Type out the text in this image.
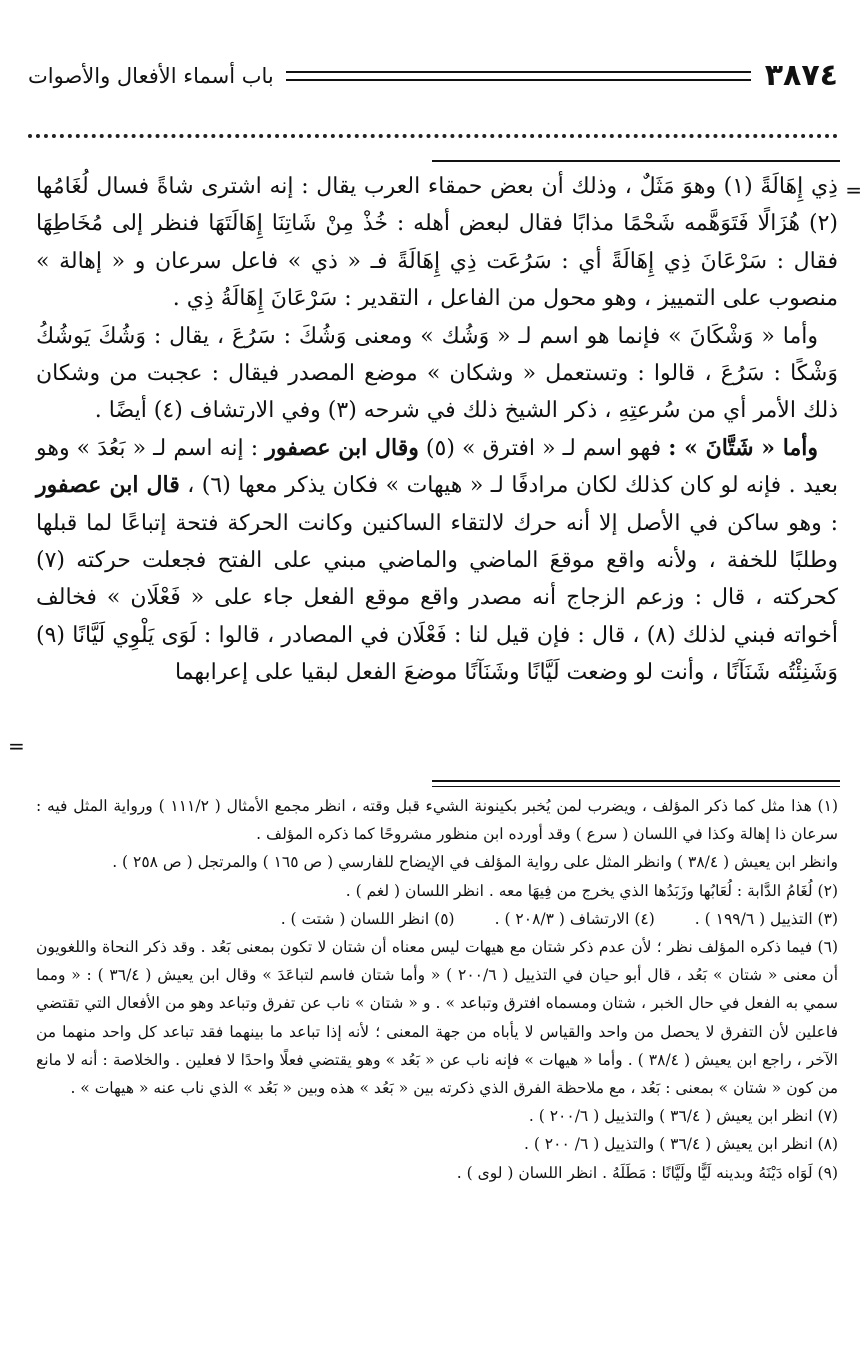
٣٨٧٤
باب أسماء الأفعال والأصوات
=

ذِي إِهَالَةً (١) وهوَ مَثَلٌ ، وذلك أن بعض حمقاء العرب يقال : إنه اشترى شاةً فسال لُغَامُها (٢) هُزَالًا فَتَوَهَّمه شَحْمًا مذابًا فقال لبعض أهله : خُذْ مِنْ شَاتِنَا إِهَالَتَهَا فنظر إلى مُخَاطِهَا فقال : سَرْعَانَ ذِي إِهَالَةً أي : سَرُعَت ذِي إِهَالَةً فـ « ذي » فاعل سرعان و « إهالة » منصوب على التمييز ، وهو محول من الفاعل ، التقدير : سَرْعَانَ إِهَالَةُ ذِي .

وأما « وَشْكَانَ » فإنما هو اسم لـ « وَشُك » ومعنى وَشُكَ : سَرُعَ ، يقال : وَشُكَ يَوشُكُ وَشْكًا : سَرُعَ ، قالوا : وتستعمل « وشكان » موضع المصدر فيقال : عجبت من وشكان ذلك الأمر أي من سُرعتِهِ ، ذكر الشيخ ذلك في شرحه (٣) وفي الارتشاف (٤) أيضًا .

وأما « شَتَّانَ » : فهو اسم لـ « افترق » (٥) وقال ابن عصفور : إنه اسم لـ « بَعُدَ » وهو بعيد . فإنه لو كان كذلك لكان مرادفًا لـ « هيهات » فكان يذكر معها (٦) ، قال ابن عصفور : وهو ساكن في الأصل إلا أنه حرك لالتقاء الساكنين وكانت الحركة فتحة إتباعًا لما قبلها وطلبًا للخفة ، ولأنه واقع موقعَ الماضي والماضي مبني على الفتح فجعلت حركته (٧) كحركته ، قال : وزعم الزجاج أنه مصدر واقع موقع الفعل جاء على « فَعْلَان » فخالف أخواته فبني لذلك (٨) ، قال : فإن قيل لنا : فَعْلَان في المصادر ، قالوا : لَوَى يَلْوِي لَيَّانًا (٩) وَشَنِئْتُه شَنَآنًا ، وأنت لو وضعت لَيَّانًا وشَنَآنًا موضعَ الفعل لبقيا على إعرابهما

=

(١) هذا مثل كما ذكر المؤلف ، ويضرب لمن يُخبر بكينونة الشيء قبل وقته ، انظر مجمع الأمثال ( ١١١/٢ ) ورواية المثل فيه : سرعان ذا إهالة وكذا في اللسان ( سرع ) وقد أورده ابن منظور مشروحًا كما ذكره المؤلف .

وانظر ابن يعيش ( ٣٨/٤ ) وانظر المثل على رواية المؤلف في الإيضاح للفارسي ( ص ١٦٥ ) والمرتجل ( ص ٢٥٨ ) .

(٢) لُغَامُ الدَّابة : لُعَابُها وزَبَدُها الذي يخرج من فِيهَا معه . انظر اللسان ( لغم ) .

(٣) التذييل ( ١٩٩/٦ ) .
(٤) الارتشاف ( ٢٠٨/٣ ) .
(٥) انظر اللسان ( شتت ) .

(٦) فيما ذكره المؤلف نظر ؛ لأن عدم ذكر شتان مع هيهات ليس معناه أن شتان لا تكون بمعنى بَعُد . وقد ذكر النحاة واللغويون أن معنى « شتان » بَعُد ، قال أبو حيان في التذييل ( ٢٠٠/٦ ) « وأما شتان فاسم لتباعَدَ » وقال ابن يعيش ( ٣٦/٤ ) : « ومما سمي به الفعل في حال الخبر ، شتان ومسماه افترق وتباعد » . و « شتان » ناب عن تفرق وتباعد وهو من الأفعال التي تقتضي فاعلين لأن التفرق لا يحصل من واحد والقياس لا يأباه من جهة المعنى ؛ لأنه إذا تباعد ما بينهما فقد تباعد كل واحد منهما من الآخر ، راجع ابن يعيش ( ٣٨/٤ ) . وأما « هيهات » فإنه ناب عن « بَعُد » وهو يقتضي فعلًا واحدًا لا فعلين . والخلاصة : أنه لا مانع من كون « شتان » بمعنى : بَعُد ، مع ملاحظة الفرق الذي ذكرته بين « بَعُد » هذه وبين « بَعُد » الذي ناب عنه « هيهات » .

(٧) انظر ابن يعيش ( ٣٦/٤ ) والتذييل ( ٢٠٠/٦ ) .

(٨) انظر ابن يعيش ( ٣٦/٤ ) والتذييل ( ٦/ ٢٠٠ ) .

(٩) لَوَاه دَيْنَهُ وبدينه لَيًّا ولَيَّانًا : مَطَلَهُ . انظر اللسان ( لوى ) .
